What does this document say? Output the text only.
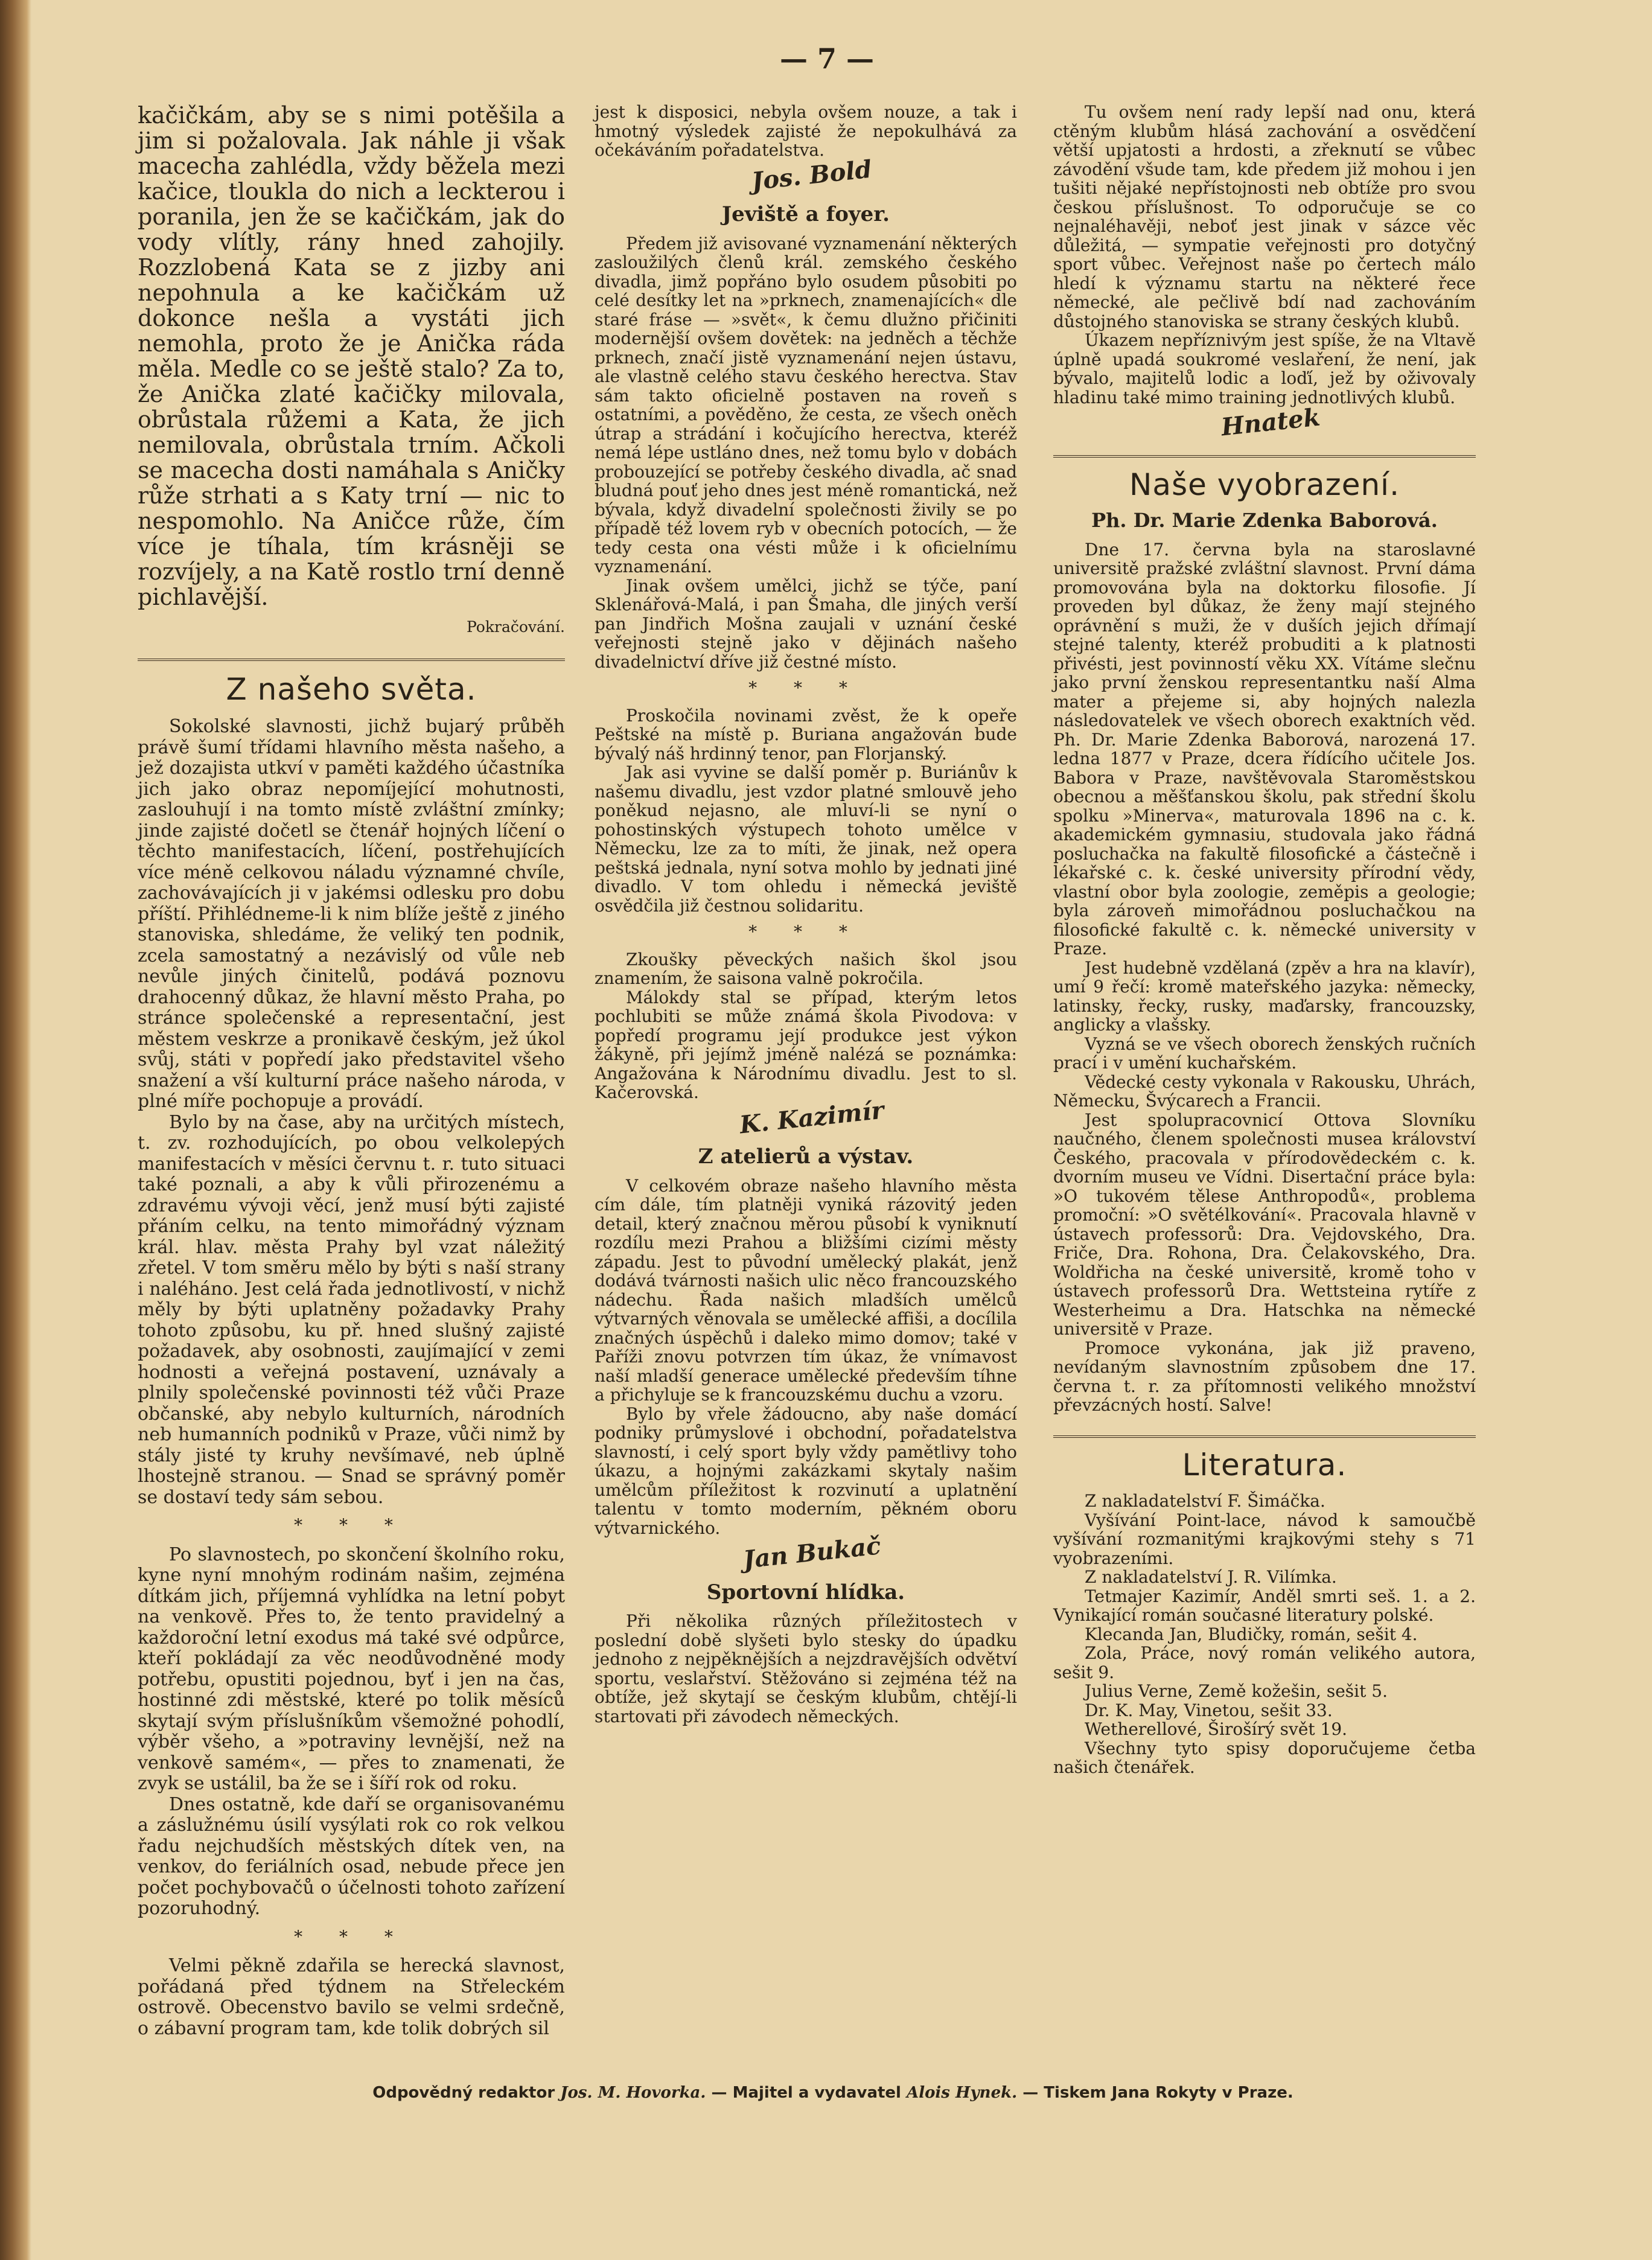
— 7 —

kačičkám, aby se s nimi potěšila a jim si požalovala. Jak náhle ji však macecha zahlédla, vždy běžela mezi kačice, tloukla do nich a leckterou i poranila, jen že se kačičkám, jak do vody vlítly, rány hned zahojily. Rozzlobená Kata se z jizby ani nepohnula a ke kačičkám už dokonce nešla a vystáti jich nemohla, proto že je Anička ráda měla. Medle co se ještě stalo? Za to, že Anička zlaté kačičky milovala, obrůstala růžemi a Kata, že jich nemilovala, obrůstala trním. Ačkoli se macecha dosti namáhala s Aničky růže strhati a s Katy trní — nic to nespomohlo. Na Aničce růže, čím více je tíhala, tím krásněji se rozvíjely, a na Katě rostlo trní denně pichlavější.

Pokračování.

Z našeho světa.

Sokolské slavnosti, jichž bujarý průběh právě šumí třídami hlavního města našeho, a jež dozajista utkví v paměti každého účastníka jich jako obraz nepomíjející mohutnosti, zaslouhují i na tomto místě zvláštní zmínky; jinde zajisté dočetl se čtenář hojných líčení o těchto manifestacích, líčení, postřehujících více méně celkovou náladu významné chvíle, zachovávajících ji v jakémsi odlesku pro dobu příští. Přihlédneme-li k nim blíže ještě z jiného stanoviska, shledáme, že veliký ten podnik, zcela samostatný a nezávislý od vůle neb nevůle jiných činitelů, podává poznovu drahocenný důkaz, že hlavní město Praha, po stránce společenské a representační, jest městem veskrze a pronikavě českým, jež úkol svůj, státi v popředí jako představitel všeho snažení a vší kulturní práce našeho národa, v plné míře pochopuje a provádí.

Bylo by na čase, aby na určitých místech, t. zv. rozhodujících, po obou velkolepých manifestacích v měsíci červnu t. r. tuto situaci také poznali, a aby k vůli přirozenému a zdravému vývoji věcí, jenž musí býti zajisté přáním celku, na tento mimořádný význam král. hlav. města Prahy byl vzat náležitý zřetel. V tom směru mělo by býti s naší strany i naléháno. Jest celá řada jednotlivostí, v nichž měly by býti uplatněny požadavky Prahy tohoto způsobu, ku př. hned slušný zajisté požadavek, aby osobnosti, zaujímající v zemi hodnosti a veřejná postavení, uznávaly a plnily společenské povinnosti též vůči Praze občanské, aby nebylo kulturních, národních neb humanních podniků v Praze, vůči nimž by stály jisté ty kruhy nevšímavé, neb úplně lhostejně stranou. — Snad se správný poměr se dostaví tedy sám sebou.

* * *

Po slavnostech, po skončení školního roku, kyne nyní mnohým rodinám našim, zejména dítkám jich, příjemná vyhlídka na letní pobyt na venkově. Přes to, že tento pravidelný a každoroční letní exodus má také své odpůrce, kteří pokládají za věc neodůvodněné mody potřebu, opustiti pojednou, byť i jen na čas, hostinné zdi městské, které po tolik měsíců skytají svým příslušníkům všemožné pohodlí, výběr všeho, a »potraviny levnější, než na venkově samém«, — přes to znamenati, že zvyk se ustálil, ba že se i šíří rok od roku.

Dnes ostatně, kde daří se organisovanému a záslužnému úsilí vysýlati rok co rok velkou řadu nejchudších městských dítek ven, na venkov, do feriálních osad, nebude přece jen počet pochybovačů o účelnosti tohoto zařízení pozoruhodný.

* * *

Velmi pěkně zdařila se herecká slavnost, pořádaná před týdnem na Střeleckém ostrově. Obecenstvo bavilo se velmi srdečně, o zábavní program tam, kde tolik dobrých sil

jest k disposici, nebyla ovšem nouze, a tak i hmotný výsledek zajisté že nepokulhává za očekáváním pořadatelstva.

Jos. Bold
Jeviště a foyer.

Předem již avisované vyznamenání některých zasloužilých členů král. zemského českého divadla, jimž popřáno bylo osudem působiti po celé desítky let na »prknech, znamenajících« dle staré fráse — »svět«, k čemu dlužno přičiniti modernější ovšem dovětek: na jedněch a těchže prknech, značí jistě vyznamenání nejen ústavu, ale vlastně celého stavu českého herectva. Stav sám takto oficielně postaven na roveň s ostatními, a pověděno, že cesta, ze všech oněch útrap a strádání i kočujícího herectva, kteréž nemá lépe ustláno dnes, než tomu bylo v dobách probouzející se potřeby českého divadla, ač snad bludná pouť jeho dnes jest méně romantická, než bývala, když divadelní společnosti živily se po případě též lovem ryb v obecních potocích, — že tedy cesta ona vésti může i k oficielnímu vyznamenání.

Jinak ovšem umělci, jichž se týče, paní Sklenářová-Malá, i pan Šmaha, dle jiných verší pan Jindřich Mošna zaujali v uznání české veřejnosti stejně jako v dějinách našeho divadelnictví dříve již čestné místo.

* * *

Proskočila novinami zvěst, že k opeře Peštské na místě p. Buriana angažován bude bývalý náš hrdinný tenor, pan Florjanský.

Jak asi vyvine se další poměr p. Buriánův k našemu divadlu, jest vzdor platné smlouvě jeho poněkud nejasno, ale mluví-li se nyní o pohostinských výstupech tohoto umělce v Německu, lze za to míti, že jinak, než opera peštská jednala, nyní sotva mohlo by jednati jiné divadlo. V tom ohledu i německá jeviště osvědčila již čestnou solidaritu.

* * *

Zkoušky pěveckých našich škol jsou znamením, že saisona valně pokročila.

Málokdy stal se případ, kterým letos pochlubiti se může známá škola Pivodova: v popředí programu její produkce jest výkon žákyně, při jejímž jméně nalézá se poznámka: Angažována k Národnímu divadlu. Jest to sl. Kačerovská.

K. Kazimír
Z atelierů a výstav.

V celkovém obraze našeho hlavního města cím dále, tím platněji vyniká rázovitý jeden detail, který značnou měrou působí k vyniknutí rozdílu mezi Prahou a bližšími cizími městy západu. Jest to původní umělecký plakát, jenž dodává tvárnosti našich ulic něco francouzského nádechu. Řada našich mladších umělců výtvarných věnovala se umělecké affiši, a docílila značných úspěchů i daleko mimo domov; také v Paříži znovu potvrzen tím úkaz, že vnímavost naší mladší generace umělecké především tíhne a přichyluje se k francouzskému duchu a vzoru.

Bylo by vřele žádoucno, aby naše domácí podniky průmyslové i obchodní, pořadatelstva slavností, i celý sport byly vždy pamětlivy toho úkazu, a hojnými zakázkami skytaly našim umělcům příležitost k rozvinutí a uplatnění talentu v tomto moderním, pěkném oboru výtvarnického.

Jan Bukač
Sportovní hlídka.

Při několika různých příležitostech v poslední době slyšeti bylo stesky do úpadku jednoho z nejpěknějších a nejzdravějších odvětví sportu, veslařství. Stěžováno si zejména též na obtíže, jež skytají se českým klubům, chtějí-li startovati při závodech německých.

Tu ovšem není rady lepší nad onu, která ctěným klubům hlásá zachování a osvědčení větší upjatosti a hrdosti, a zřeknutí se vůbec závodění všude tam, kde předem již mohou i jen tušiti nějaké nepřístojnosti neb obtíže pro svou českou příslušnost. To odporučuje se co nejnaléhavěji, neboť jest jinak v sázce věc důležitá, — sympatie veřejnosti pro dotyčný sport vůbec. Veřejnost naše po čertech málo hledí k významu startu na některé řece německé, ale pečlivě bdí nad zachováním důstojného stanoviska se strany českých klubů.

Úkazem nepříznivým jest spíše, že na Vltavě úplně upadá soukromé veslaření, že není, jak bývalo, majitelů lodic a loďí, jež by oživovaly hladinu také mimo training jednotlivých klubů.

Hnatek
Naše vyobrazení.
Ph. Dr. Marie Zdenka Baborová.

Dne 17. června byla na staroslavné universitě pražské zvláštní slavnost. První dáma promovována byla na doktorku filosofie. Jí proveden byl důkaz, že ženy mají stejného oprávnění s muži, že v duších jejich dřímají stejné talenty, kteréž probuditi a k platnosti přivésti, jest povinností věku XX. Vítáme slečnu jako první ženskou representantku naší Alma mater a přejeme si, aby hojných nalezla následovatelek ve všech oborech exaktních věd. Ph. Dr. Marie Zdenka Baborová, narozená 17. ledna 1877 v Praze, dcera řídícího učitele Jos. Babora v Praze, navštěvovala Staroměstskou obecnou a měšťanskou školu, pak střední školu spolku »Minerva«, maturovala 1896 na c. k. akademickém gymnasiu, studovala jako řádná posluchačka na fakultě filosofické a částečně i lékařské c. k. české university přírodní vědy, vlastní obor byla zoologie, zeměpis a geologie; byla zároveň mimořádnou posluchačkou na filosofické fakultě c. k. německé university v Praze.

Jest hudebně vzdělaná (zpěv a hra na klavír), umí 9 řečí: kromě mateřského jazyka: německy, latinsky, řecky, rusky, maďarsky, francouzsky, anglicky a vlašsky.

Vyzná se ve všech oborech ženských ručních prací i v umění kuchařském.

Vědecké cesty vykonala v Rakousku, Uhrách, Německu, Švýcarech a Francii.

Jest spolupracovnicí Ottova Slovníku naučného, členem společnosti musea království Českého, pracovala v přírodovědeckém c. k. dvorním museu ve Vídni. Disertační práce byla: »O tukovém tělese Anthropodů«, problema promoční: »O světélkování«. Pracovala hlavně v ústavech professorů: Dra. Vejdovského, Dra. Friče, Dra. Rohona, Dra. Čelakovského, Dra. Woldřicha na české universitě, kromě toho v ústavech professorů Dra. Wettsteina rytíře z Westerheimu a Dra. Hatschka na německé universitě v Praze.

Promoce vykonána, jak již praveno, nevídaným slavnostním způsobem dne 17. června t. r. za přítomnosti velikého množství převzácných hostí. Salve!

Literatura.

Z nakladatelství F. Šimáčka.

Vyšívání Point-lace, návod k samoučbě vyšívání rozmanitými krajkovými stehy s 71 vyobrazeními.

Z nakladatelství J. R. Vilímka.

Tetmajer Kazimír, Anděl smrti seš. 1. a 2. Vynikající román současné literatury polské.

Klecanda Jan, Bludičky, román, sešit 4.

Zola, Práce, nový román velikého autora, sešit 9.

Julius Verne, Země kožešin, sešit 5.

Dr. K. May, Vinetou, sešit 33.

Wetherellové, Širošírý svět 19.

Všechny tyto spisy doporučujeme četba našich čtenářek.

Odpovědný redaktor Jos. M. Hovorka. — Majitel a vydavatel Alois Hynek. — Tiskem Jana Rokyty v Praze.
